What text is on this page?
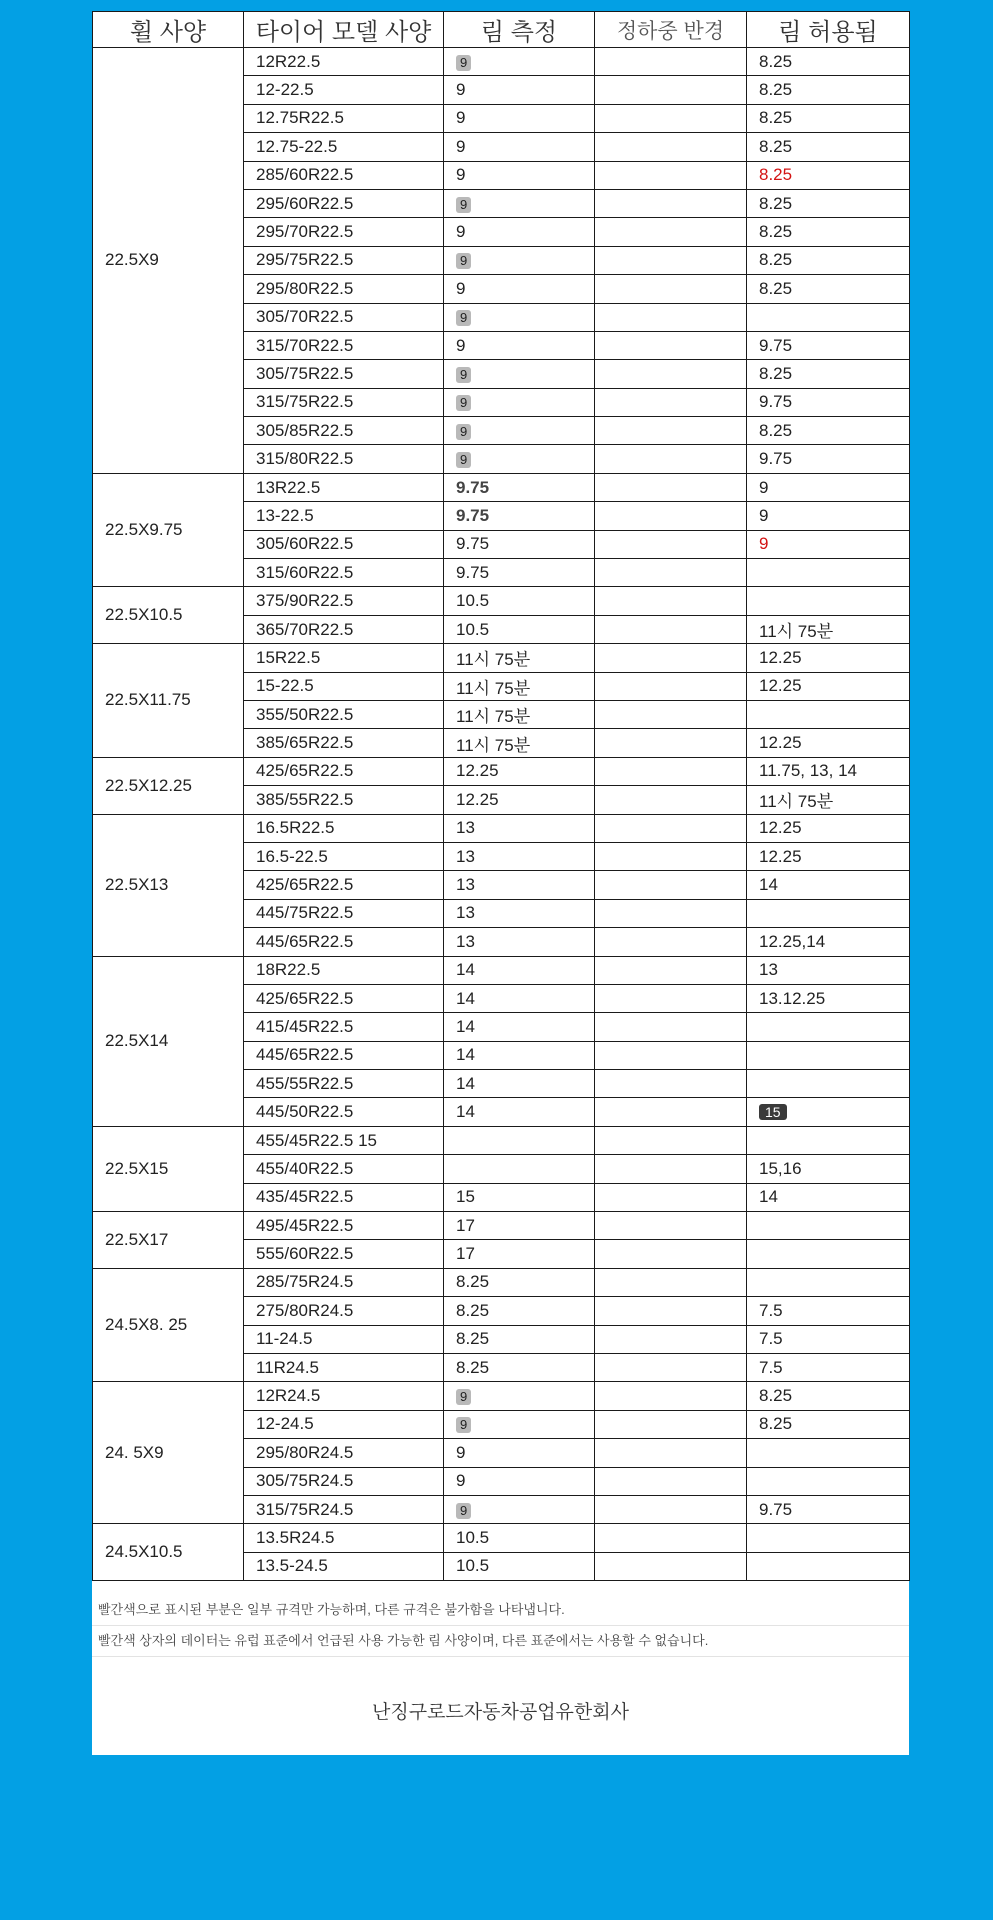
휠 사양	타이어 모델 사양	림 측정	정하중 반경	림 허용됨
22.5X9	12R22.5	9		8.25
	12-22.5	9		8.25
	12.75R22.5	9		8.25
	12.75-22.5	9		8.25
	285/60R22.5	9		8.25
	295/60R22.5	9		8.25
	295/70R22.5	9		8.25
	295/75R22.5	9		8.25
	295/80R22.5	9		8.25
	305/70R22.5	9		
	315/70R22.5	9		9.75
	305/75R22.5	9		8.25
	315/75R22.5	9		9.75
	305/85R22.5	9		8.25
	315/80R22.5	9		9.75
22.5X9.75	13R22.5	9.75		9
	13-22.5	9.75		9
	305/60R22.5	9.75		9
	315/60R22.5	9.75		
22.5X10.5	375/90R22.5	10.5		
	365/70R22.5	10.5		11시 75분
22.5X11.75	15R22.5	11시 75분		12.25
	15-22.5	11시 75분		12.25
	355/50R22.5	11시 75분		
	385/65R22.5	11시 75분		12.25
22.5X12.25	425/65R22.5	12.25		11.75, 13, 14
	385/55R22.5	12.25		11시 75분
22.5X13	16.5R22.5	13		12.25
	16.5-22.5	13		12.25
	425/65R22.5	13		14
	445/75R22.5	13		
	445/65R22.5	13		12.25,14
22.5X14	18R22.5	14		13
	425/65R22.5	14		13.12.25
	415/45R22.5	14		
	445/65R22.5	14		
	455/55R22.5	14		
	445/50R22.5	14		15
22.5X15	455/45R22.5 15			
	455/40R22.5			15,16
	435/45R22.5	15		14
22.5X17	495/45R22.5	17		
	555/60R22.5	17		
24.5X8. 25	285/75R24.5	8.25		
	275/80R24.5	8.25		7.5
	11-24.5	8.25		7.5
	11R24.5	8.25		7.5
24. 5X9	12R24.5	9		8.25
	12-24.5	9		8.25
	295/80R24.5	9		
	305/75R24.5	9		
	315/75R24.5	9		9.75
24.5X10.5	13.5R24.5	10.5		
	13.5-24.5	10.5		
빨간색으로 표시된 부분은 일부 규격만 가능하며, 다른 규격은 불가함을 나타냅니다.
빨간색 상자의 데이터는 유럽 표준에서 언급된 사용 가능한 림 사양이며, 다른 표준에서는 사용할 수 없습니다.
난징구로드자동차공업유한회사
